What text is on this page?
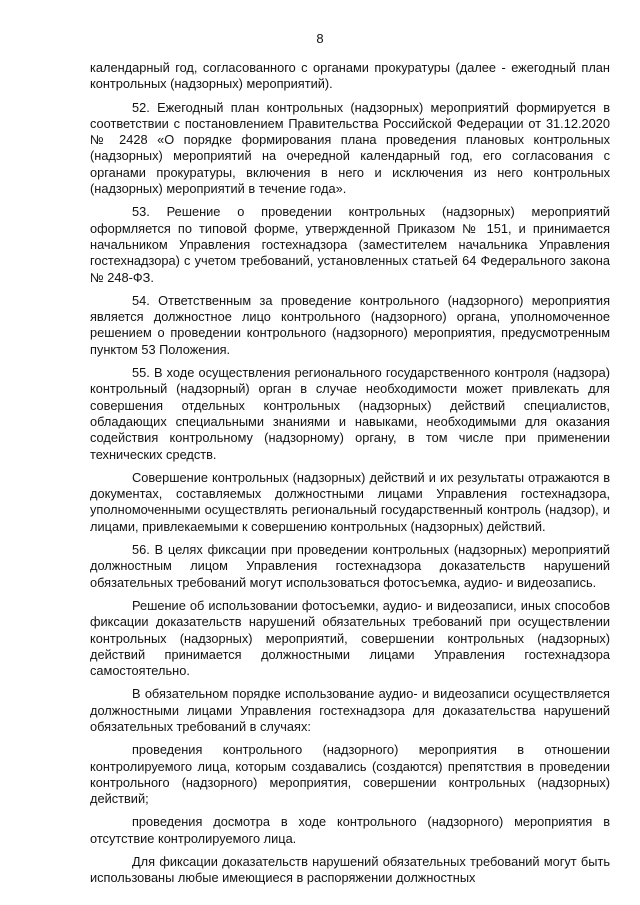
8

календарный год, согласованного с органами прокуратуры (далее - ежегодный план контрольных (надзорных) мероприятий).

52. Ежегодный план контрольных (надзорных) мероприятий формируется в соответствии с постановлением Правительства Российской Федерации от 31.12.2020 № 2428 «О порядке формирования плана проведения плановых контрольных (надзорных) мероприятий на очередной календарный год, его согласования с органами прокуратуры, включения в него и исключения из него контрольных (надзорных) мероприятий в течение года».

53. Решение о проведении контрольных (надзорных) мероприятий оформляется по типовой форме, утвержденной Приказом № 151, и принимается начальником Управления гостехнадзора (заместителем начальника Управления гостехнадзора) с учетом требований, установленных статьей 64 Федерального закона № 248-ФЗ.

54. Ответственным за проведение контрольного (надзорного) мероприятия является должностное лицо контрольного (надзорного) органа, уполномоченное решением о проведении контрольного (надзорного) мероприятия, предусмотренным пунктом 53 Положения.

55. В ходе осуществления регионального государственного контроля (надзора) контрольный (надзорный) орган в случае необходимости может привлекать для совершения отдельных контрольных (надзорных) действий специалистов, обладающих специальными знаниями и навыками, необходимыми для оказания содействия контрольному (надзорному) органу, в том числе при применении технических средств.

Совершение контрольных (надзорных) действий и их результаты отражаются в документах, составляемых должностными лицами Управления гостехнадзора, уполномоченными осуществлять региональный государственный контроль (надзор), и лицами, привлекаемыми к совершению контрольных (надзорных) действий.

56. В целях фиксации при проведении контрольных (надзорных) мероприятий должностным лицом Управления гостехнадзора доказательств нарушений обязательных требований могут использоваться фотосъемка, аудио- и видеозапись.

Решение об использовании фотосъемки, аудио- и видеозаписи, иных способов фиксации доказательств нарушений обязательных требований при осуществлении контрольных (надзорных) мероприятий, совершении контрольных (надзорных) действий принимается должностными лицами Управления гостехнадзора самостоятельно.

В обязательном порядке использование аудио- и видеозаписи осуществляется должностными лицами Управления гостехнадзора для доказательства нарушений обязательных требований в случаях:

проведения контрольного (надзорного) мероприятия в отношении контролируемого лица, которым создавались (создаются) препятствия в проведении контрольного (надзорного) мероприятия, совершении контрольных (надзорных) действий;

проведения досмотра в ходе контрольного (надзорного) мероприятия в отсутствие контролируемого лица.

Для фиксации доказательств нарушений обязательных требований могут быть использованы любые имеющиеся в распоряжении должностных
